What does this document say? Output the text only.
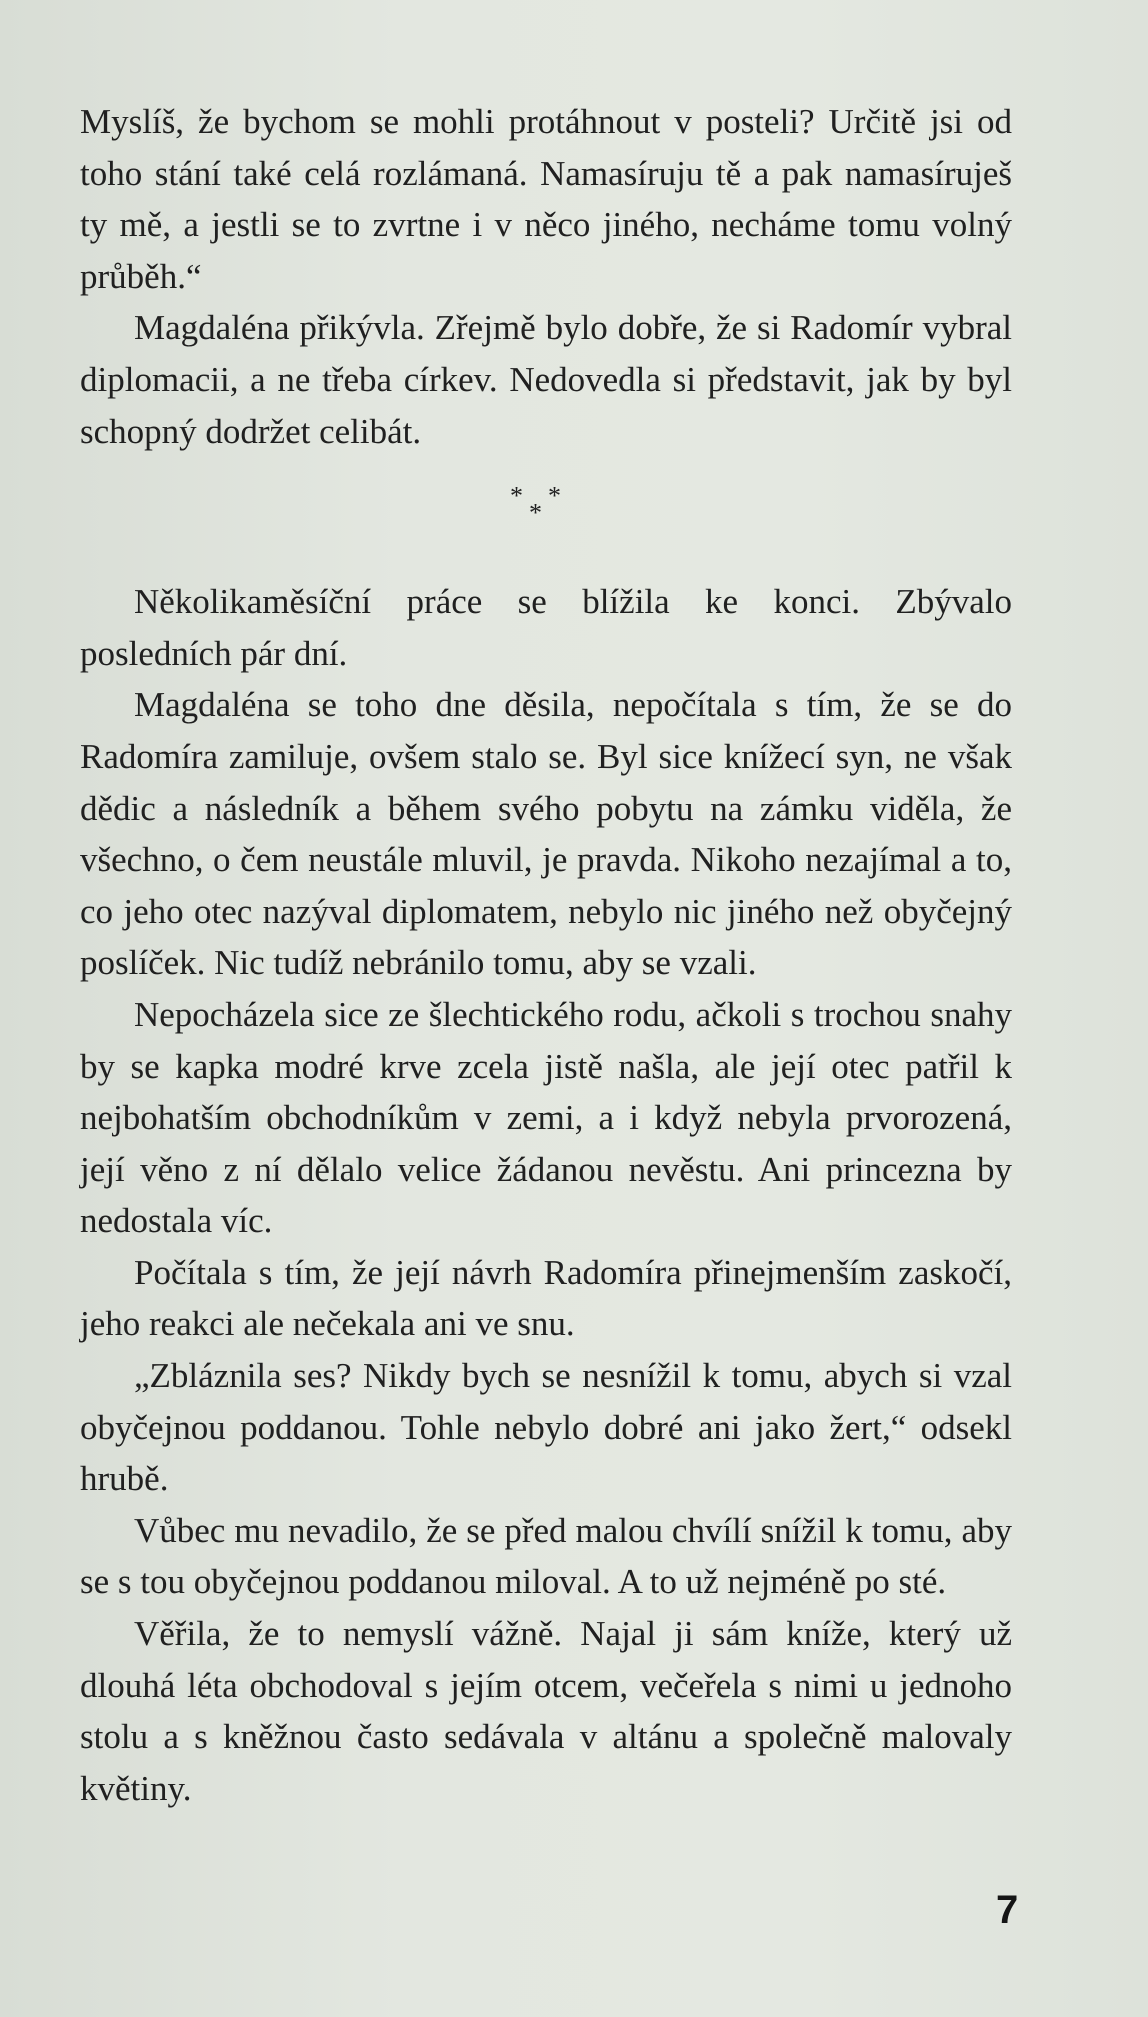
Myslíš, že bychom se mohli protáhnout v posteli? Určitě jsi od toho stání také celá rozlámaná. Namasíruju tě a pak namasíruješ ty mě, a jestli se to zvrtne i v něco jiného, necháme tomu volný průběh.“

Magdaléna přikývla. Zřejmě bylo dobře, že si Radomír vybral diplomacii, a ne třeba církev. Nedovedla si představit, jak by byl schopný dodržet celibát.

* *
*

Několikaměsíční práce se blížila ke konci. Zbývalo posledních pár dní.

Magdaléna se toho dne děsila, nepočítala s tím, že se do Radomíra zamiluje, ovšem stalo se. Byl sice knížecí syn, ne však dědic a následník a během svého pobytu na zámku viděla, že všechno, o čem neustále mluvil, je pravda. Nikoho nezajímal a to, co jeho otec nazýval diplomatem, nebylo nic jiného než obyčejný poslíček. Nic tudíž nebránilo tomu, aby se vzali.

Nepocházela sice ze šlechtického rodu, ačkoli s trochou snahy by se kapka modré krve zcela jistě našla, ale její otec patřil k nejbohatším obchodníkům v zemi, a i když nebyla prvorozená, její věno z ní dělalo velice žádanou nevěstu. Ani princezna by nedostala víc.

Počítala s tím, že její návrh Radomíra přinejmenším zaskočí, jeho reakci ale nečekala ani ve snu.

„Zbláznila ses? Nikdy bych se nesnížil k tomu, abych si vzal obyčejnou poddanou. Tohle nebylo dobré ani jako žert,“ odsekl hrubě.

Vůbec mu nevadilo, že se před malou chvílí snížil k tomu, aby se s tou obyčejnou poddanou miloval. A to už nejméně po sté.

Věřila, že to nemyslí vážně. Najal ji sám kníže, který už dlouhá léta obchodoval s jejím otcem, večeřela s nimi u jednoho stolu a s kněžnou často sedávala v altánu a společně malovaly květiny.

7
